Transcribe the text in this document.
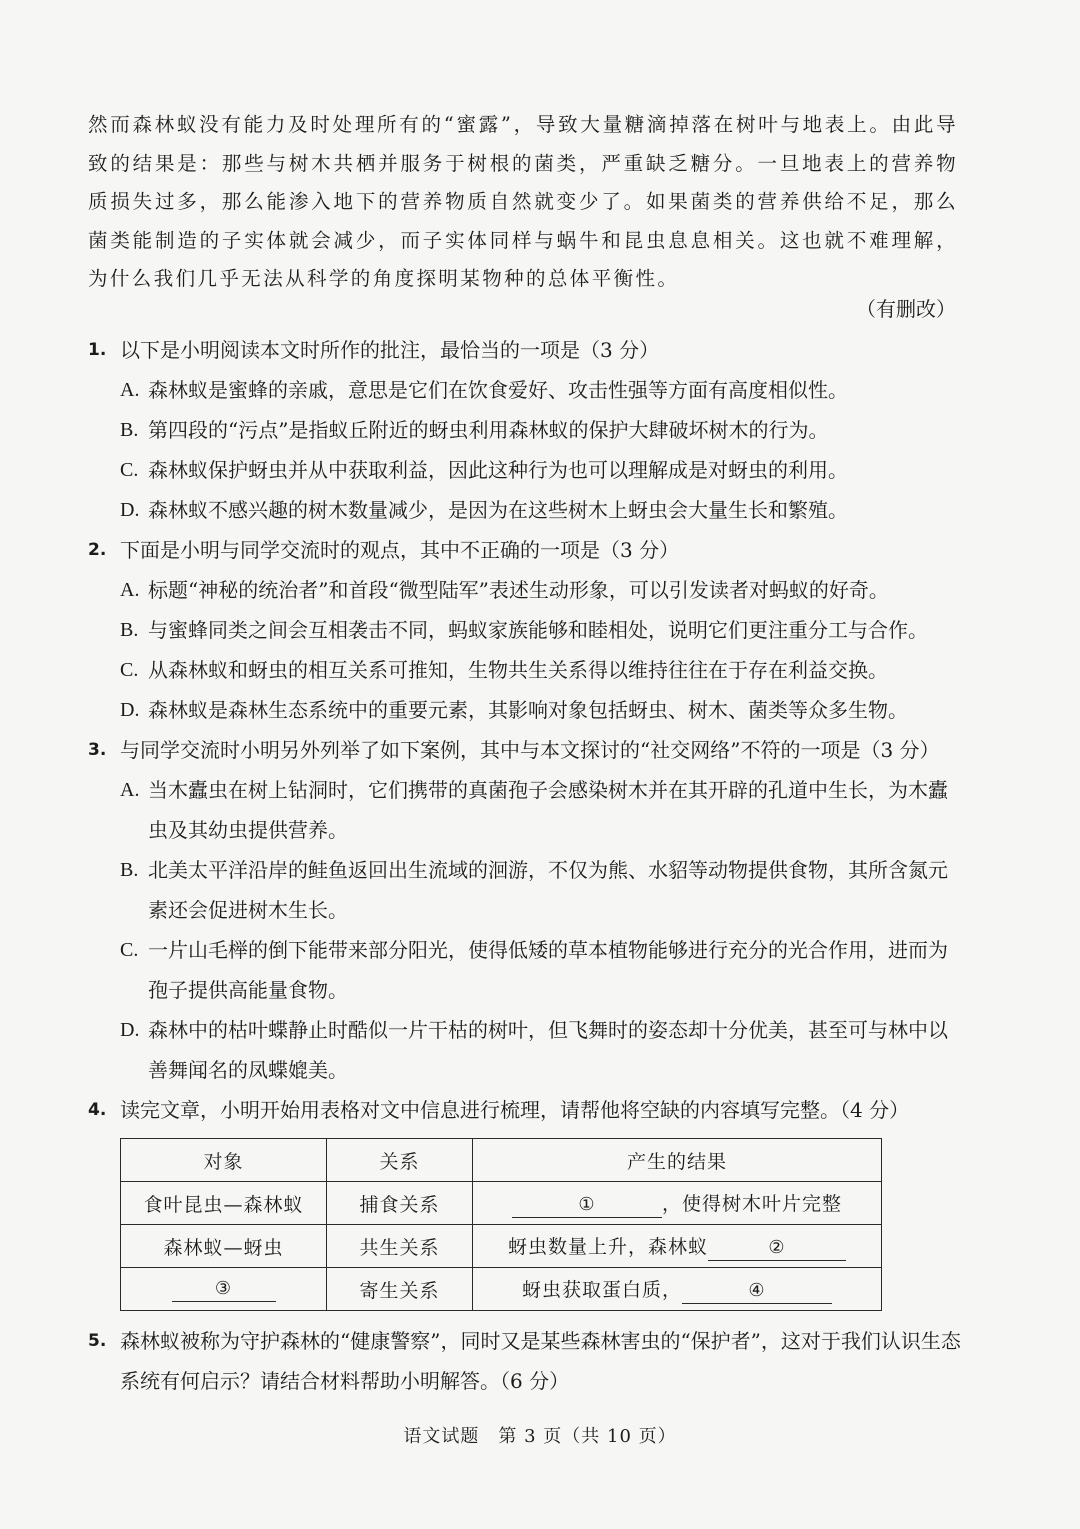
然而森林蚁没有能力及时处理所有的“蜜露”，导致大量糖滴掉落在树叶与地表上。由此导致的结果是：那些与树木共栖并服务于树根的菌类，严重缺乏糖分。一旦地表上的营养物质损失过多，那么能渗入地下的营养物质自然就变少了。如果菌类的营养供给不足，那么菌类能制造的子实体就会减少，而子实体同样与蜗牛和昆虫息息相关。这也就不难理解，为什么我们几乎无法从科学的角度探明某物种的总体平衡性。
（有删改）
1. 以下是小明阅读本文时所作的批注，最恰当的一项是（3 分）
A. 森林蚁是蜜蜂的亲戚，意思是它们在饮食爱好、攻击性强等方面有高度相似性。
B. 第四段的“污点”是指蚁丘附近的蚜虫利用森林蚁的保护大肆破坏树木的行为。
C. 森林蚁保护蚜虫并从中获取利益，因此这种行为也可以理解成是对蚜虫的利用。
D. 森林蚁不感兴趣的树木数量减少，是因为在这些树木上蚜虫会大量生长和繁殖。
2. 下面是小明与同学交流时的观点，其中不正确的一项是（3 分）
A. 标题“神秘的统治者”和首段“微型陆军”表述生动形象，可以引发读者对蚂蚁的好奇。
B. 与蜜蜂同类之间会互相袭击不同，蚂蚁家族能够和睦相处，说明它们更注重分工与合作。
C. 从森林蚁和蚜虫的相互关系可推知，生物共生关系得以维持往往在于存在利益交换。
D. 森林蚁是森林生态系统中的重要元素，其影响对象包括蚜虫、树木、菌类等众多生物。
3. 与同学交流时小明另外列举了如下案例，其中与本文探讨的“社交网络”不符的一项是（3 分）
A. 当木蠹虫在树上钻洞时，它们携带的真菌孢子会感染树木并在其开辟的孔道中生长，为木蠹虫及其幼虫提供营养。
B. 北美太平洋沿岸的鲑鱼返回出生流域的洄游，不仅为熊、水貂等动物提供食物，其所含氮元素还会促进树木生长。
C. 一片山毛榉的倒下能带来部分阳光，使得低矮的草本植物能够进行充分的光合作用，进而为孢子提供高能量食物。
D. 森林中的枯叶蝶静止时酷似一片干枯的树叶，但飞舞时的姿态却十分优美，甚至可与林中以善舞闻名的凤蝶媲美。
4. 读完文章，小明开始用表格对文中信息进行梳理，请帮他将空缺的内容填写完整。（4 分）
对象	关系	产生的结果
食叶昆虫—森林蚁	捕食关系	① ，使得树木叶片完整
森林蚁—蚜虫	共生关系	蚜虫数量上升，森林蚁 ②
③	寄生关系	蚜虫获取蛋白质， ④
5. 森林蚁被称为守护森林的“健康警察”，同时又是某些森林害虫的“保护者”，这对于我们认识生态系统有何启示？请结合材料帮助小明解答。（6 分）
语文试题　第 3 页（共 10 页）
